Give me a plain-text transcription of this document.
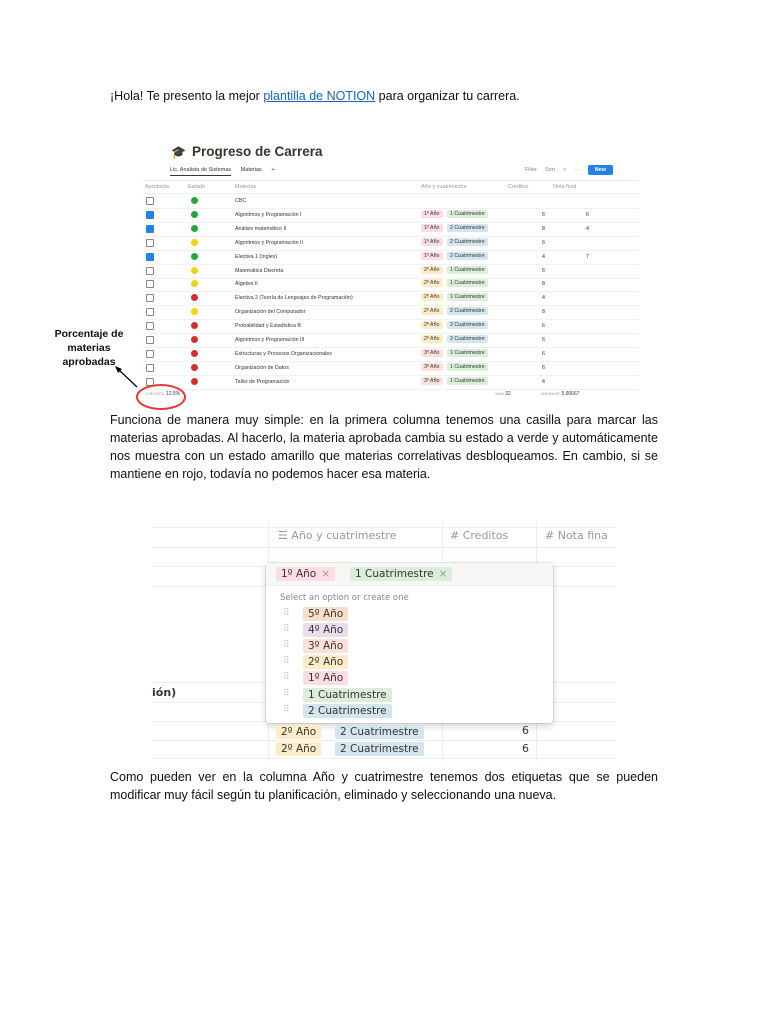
¡Hola! Te presento la mejor plantilla de NOTION para organizar tu carrera.
🎓 Progreso de Carrera
Lic. Analista de Sistemas Materias +	Filter Sort ⌕ ···	New
Aprobada	Estado	Materias	Año y cuatrimestre	Creditos	Nota final
CBC
Algoritmos y Programación I	1º Año	1 Cuatrimestre	6	6
Análisis matemático II	1º Año	2 Cuatrimestre	8	4
Algoritmos y Programación II	1º Año	2 Cuatrimestre	6
Electiva 1 (Ingles)	1º Año	2 Cuatrimestre	4	7
Matemática Discreta	2º Año	1 Cuatrimestre	6
Álgebra II	2º Año	1 Cuatrimestre	8
Electiva 2 (Teoría de Lenguajes de Programación)	2º Año	1 Cuatrimestre	4
Organización del Computador	2º Año	2 Cuatrimestre	8
Probabilidad y Estadística B	2º Año	2 Cuatrimestre	6
Algoritmos y Programación III	2º Año	2 Cuatrimestre	6
Estructuras y Procesos Organizacionales	3º Año	1 Cuatrimestre	6
Organización de Datos	3º Año	1 Cuatrimestre	6
Taller de Programación	3º Año	1 Cuatrimestre	4
CHECKED 12.5%	SUM 32	AVERAGE 5.66667
Porcentaje de materias aprobadas
Funciona de manera muy simple: en la primera columna tenemos una casilla para marcar las materias aprobadas. Al hacerlo, la materia aprobada cambia su estado a verde y automáticamente nos muestra con un estado amarillo que materias correlativas desbloqueamos. En cambio, si se mantiene en rojo, todavía no podemos hacer esa materia.
☰ Año y cuatrimestre	# Creditos	# Nota fina
ión)
1º Año ×	1 Cuatrimestre ×
Select an option or create one
⠿	5º Año
⠿	4º Año
⠿	3º Año
⠿	2º Año
⠿	1º Año
⠿	1 Cuatrimestre
⠿	2 Cuatrimestre
2º Año	2 Cuatrimestre	6
2º Año	2 Cuatrimestre	6
Como pueden ver en la columna Año y cuatrimestre tenemos dos etiquetas que se pueden modificar muy fácil según tu planificación, eliminado y seleccionando una nueva.
